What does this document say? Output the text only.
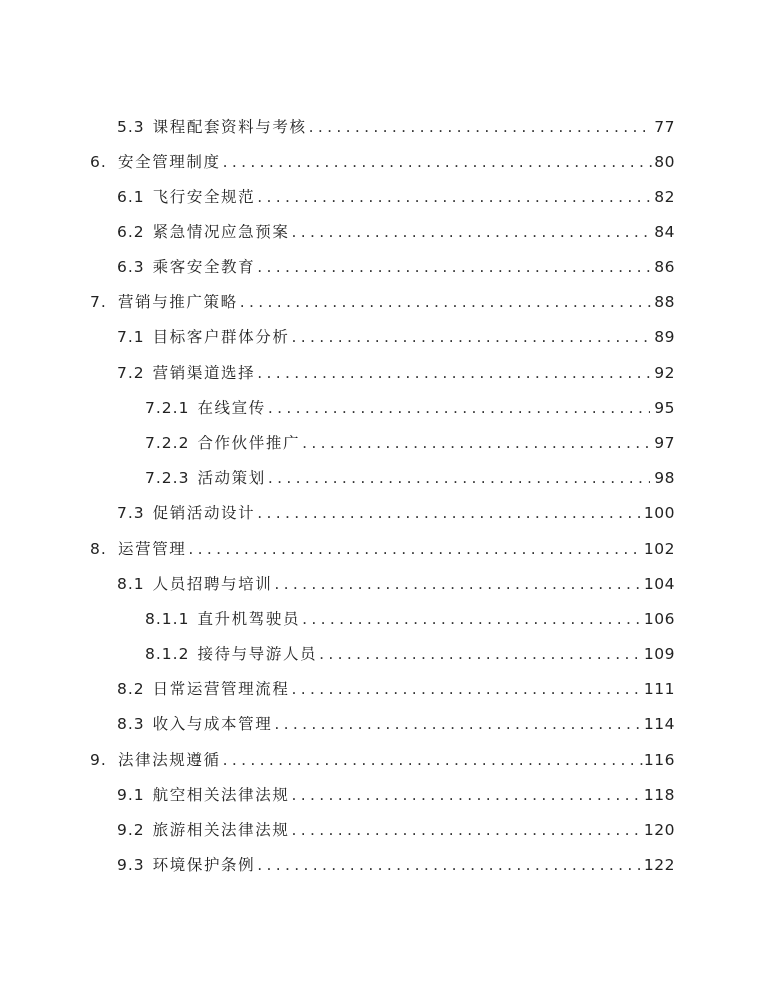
5.3 课程配套资料与考核 . . .	77
6. 安全管理制度 . . .	80
6.1 飞行安全规范 . . .	82
6.2 紧急情况应急预案 . . .	84
6.3 乘客安全教育 . . .	86
7. 营销与推广策略 . . .	88
7.1 目标客户群体分析 . . .	89
7.2 营销渠道选择 . . .	92
7.2.1 在线宣传 . . .	95
7.2.2 合作伙伴推广 . . .	97
7.2.3 活动策划 . . .	98
7.3 促销活动设计 . . .	100
8. 运营管理 . . .	102
8.1 人员招聘与培训 . . .	104
8.1.1 直升机驾驶员 . . .	106
8.1.2 接待与导游人员 . . .	109
8.2 日常运营管理流程 . . .	111
8.3 收入与成本管理 . . .	114
9. 法律法规遵循 . . .	116
9.1 航空相关法律法规 . . .	118
9.2 旅游相关法律法规 . . .	120
9.3 环境保护条例 . . .	122
